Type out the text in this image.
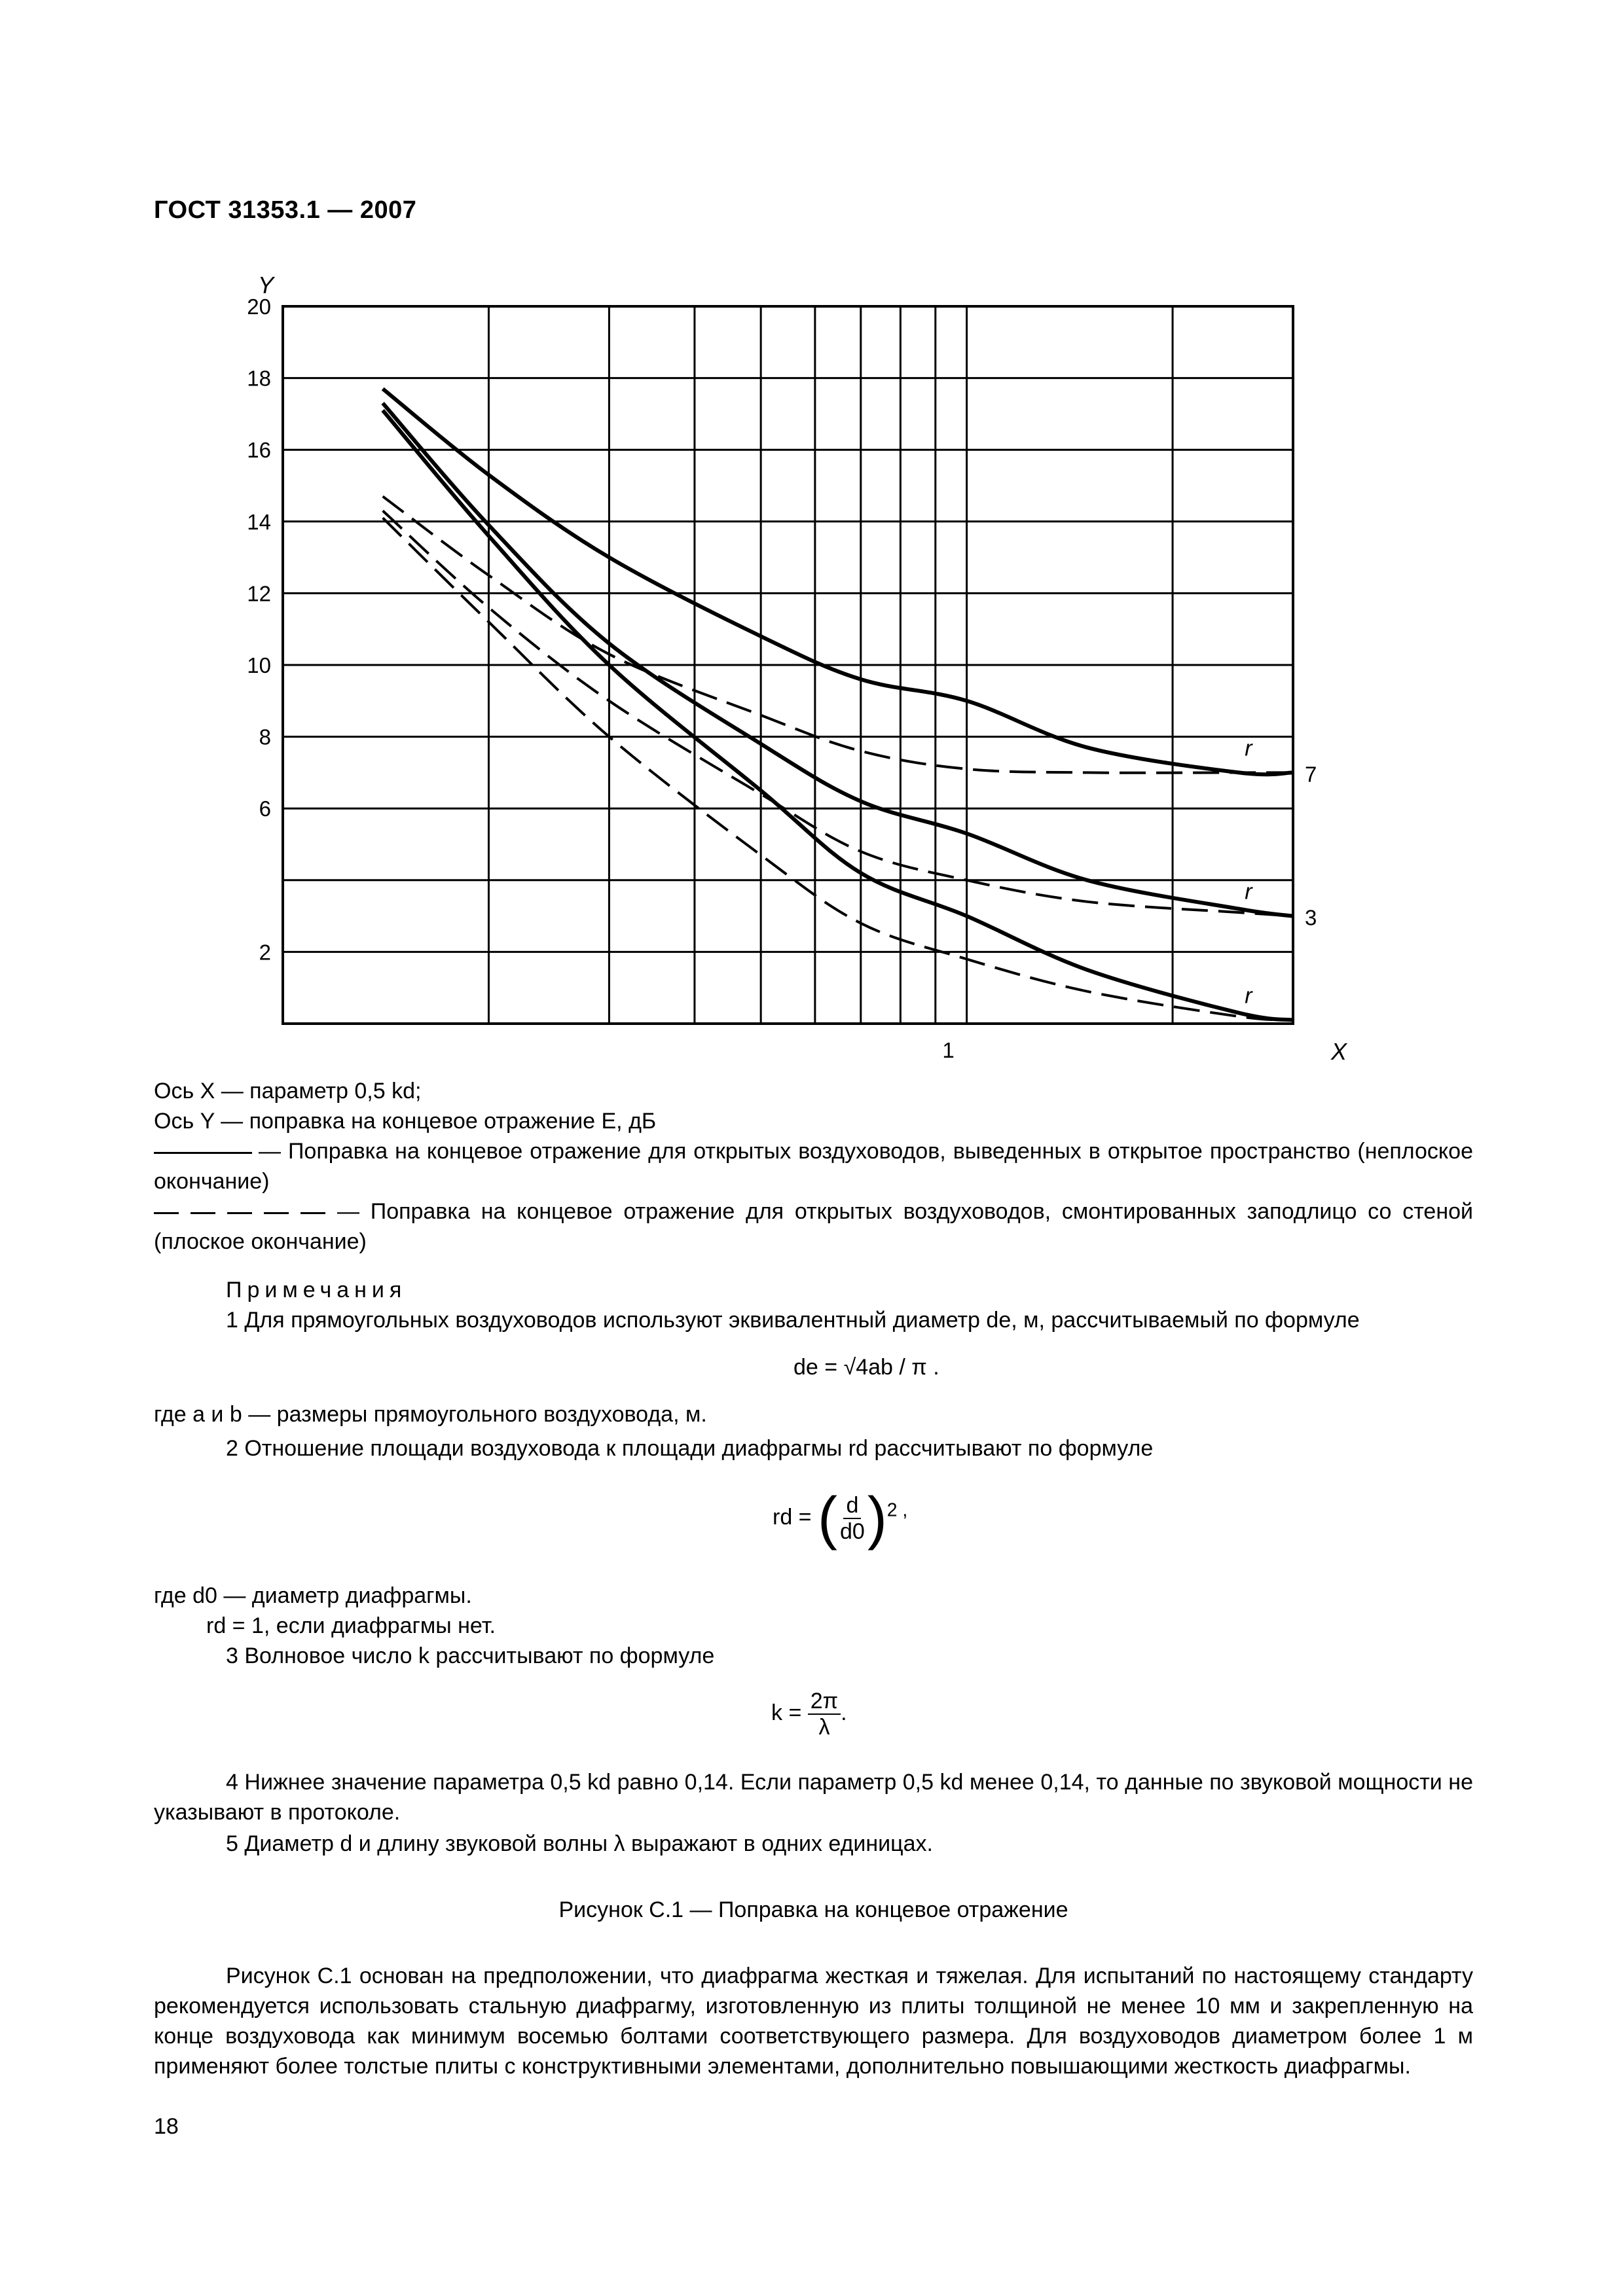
ГОСТ 31353.1 — 2007
20
18
16
14
12
10
8
6
2
Y
1	X
r
7
r
3
r
Ось X — параметр 0,5 kd;
Ось Y — поправка на концевое отражение E, дБ
— Поправка на концевое отражение для открытых воздуховодов, выведенных в открытое пространство (неплоское окончание)
— Поправка на концевое отражение для открытых воздуховодов, смонтированных заподлицо со стеной (плоское окончание)
Примечания
1 Для прямоугольных воздуховодов используют эквивалентный диаметр dе, м, рассчитываемый по формуле
de = √4ab / π .
где a и b — размеры прямоугольного воздуховода, м.
2 Отношение площади воздуховода к площади диафрагмы rd рассчитывают по формуле
rd = ( $\frac{d}{d0} )^{2 ,}$
где d0 — диаметр диафрагмы.
rd = 1, если диафрагмы нет.
3 Волновое число k рассчитывают по формуле
$k = \frac{2\pi}{\lambda}$ .
4 Нижнее значение параметра 0,5 kd равно 0,14. Если параметр 0,5 kd менее 0,14, то данные по звуковой мощности не указывают в протоколе.
5 Диаметр d и длину звуковой волны λ выражают в одних единицах.
Рисунок С.1 — Поправка на концевое отражение
Рисунок С.1 основан на предположении, что диафрагма жесткая и тяжелая. Для испытаний по настоящему стандарту рекомендуется использовать стальную диафрагму, изготовленную из плиты толщиной не менее 10 мм и закрепленную на конце воздуховода как минимум восемью болтами соответствующего размера. Для воздуховодов диаметром более 1 м применяют более толстые плиты с конструктивными элементами, дополнительно повышающими жесткость диафрагмы.
18
